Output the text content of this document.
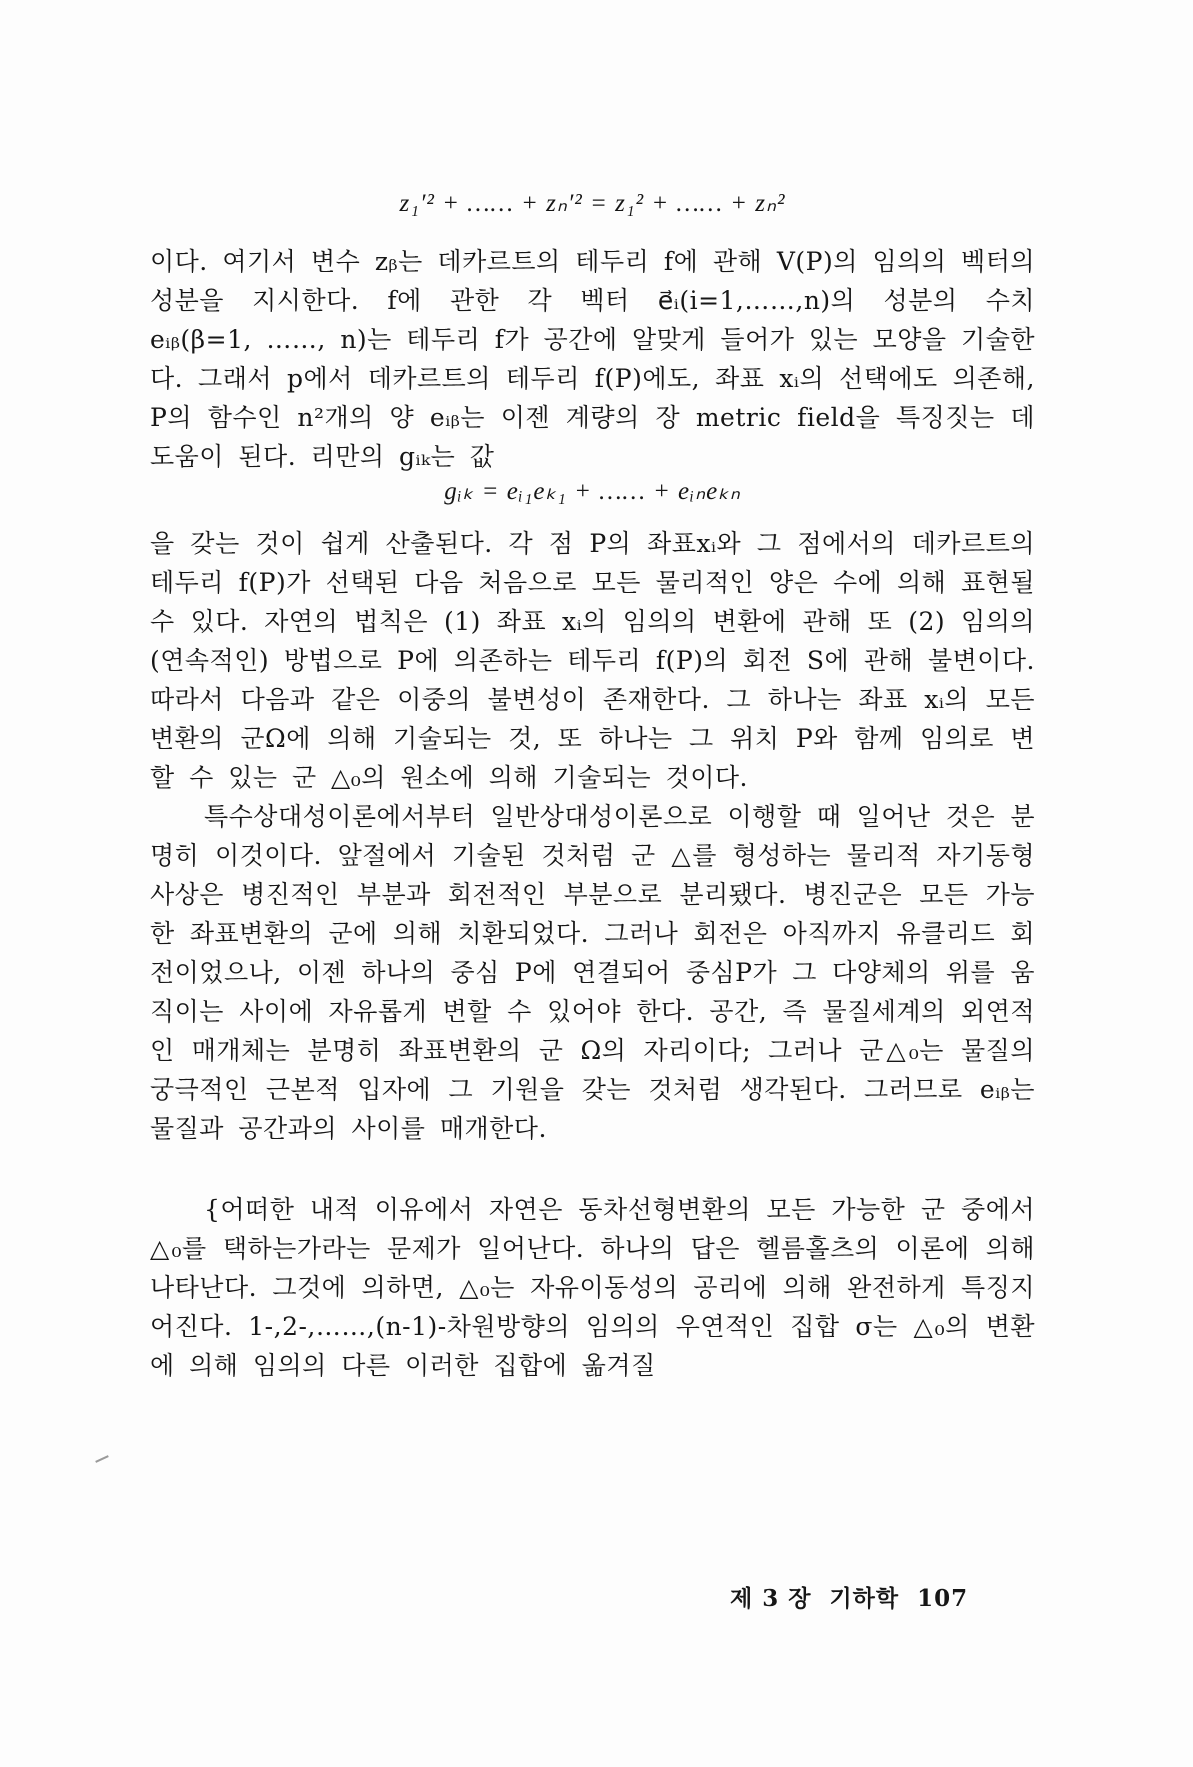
z₁′² + …… + zₙ′² = z₁² + …… + zₙ²

이다. 여기서 변수 zᵦ는 데카르트의 테두리 f에 관해 V(P)의 임의의 벡터의 성분을 지시한다. f에 관한 각 벡터 e⃗ᵢ(i=1,……,n)의 성분의 수치 eᵢᵦ(β=1, ……, n)는 테두리 f가 공간에 알맞게 들어가 있는 모양을 기술한다. 그래서 p에서 데카르트의 테두리 f(P)에도, 좌표 xᵢ의 선택에도 의존해, P의 함수인 n²개의 양 eᵢᵦ는 이젠 계량의 장 metric field을 특징짓는 데 도움이 된다. 리만의 gᵢₖ는 값

gᵢₖ = eᵢ₁eₖ₁ + …… + eᵢₙeₖₙ

을 갖는 것이 쉽게 산출된다. 각 점 P의 좌표xᵢ와 그 점에서의 데카르트의 테두리 f(P)가 선택된 다음 처음으로 모든 물리적인 양은 수에 의해 표현될 수 있다. 자연의 법칙은 (1) 좌표 xᵢ의 임의의 변환에 관해 또 (2) 임의의 (연속적인) 방법으로 P에 의존하는 테두리 f(P)의 회전 S에 관해 불변이다. 따라서 다음과 같은 이중의 불변성이 존재한다. 그 하나는 좌표 xᵢ의 모든 변환의 군Ω에 의해 기술되는 것, 또 하나는 그 위치 P와 함께 임의로 변할 수 있는 군 △₀의 원소에 의해 기술되는 것이다.

특수상대성이론에서부터 일반상대성이론으로 이행할 때 일어난 것은 분명히 이것이다. 앞절에서 기술된 것처럼 군 △를 형성하는 물리적 자기동형사상은 병진적인 부분과 회전적인 부분으로 분리됐다. 병진군은 모든 가능한 좌표변환의 군에 의해 치환되었다. 그러나 회전은 아직까지 유클리드 회전이었으나, 이젠 하나의 중심 P에 연결되어 중심P가 그 다양체의 위를 움직이는 사이에 자유롭게 변할 수 있어야 한다. 공간, 즉 물질세계의 외연적인 매개체는 분명히 좌표변환의 군 Ω의 자리이다; 그러나 군△₀는 물질의 궁극적인 근본적 입자에 그 기원을 갖는 것처럼 생각된다. 그러므로 eᵢᵦ는 물질과 공간과의 사이를 매개한다.

{어떠한 내적 이유에서 자연은 동차선형변환의 모든 가능한 군 중에서 △₀를 택하는가라는 문제가 일어난다. 하나의 답은 헬름홀츠의 이론에 의해 나타난다. 그것에 의하면, △₀는 자유이동성의 공리에 의해 완전하게 특징지어진다. 1-,2-,……,(n-1)-차원방향의 임의의 우연적인 집합 σ는 △₀의 변환에 의해 임의의 다른 이러한 집합에 옮겨질

제 3 장 기하학 107
